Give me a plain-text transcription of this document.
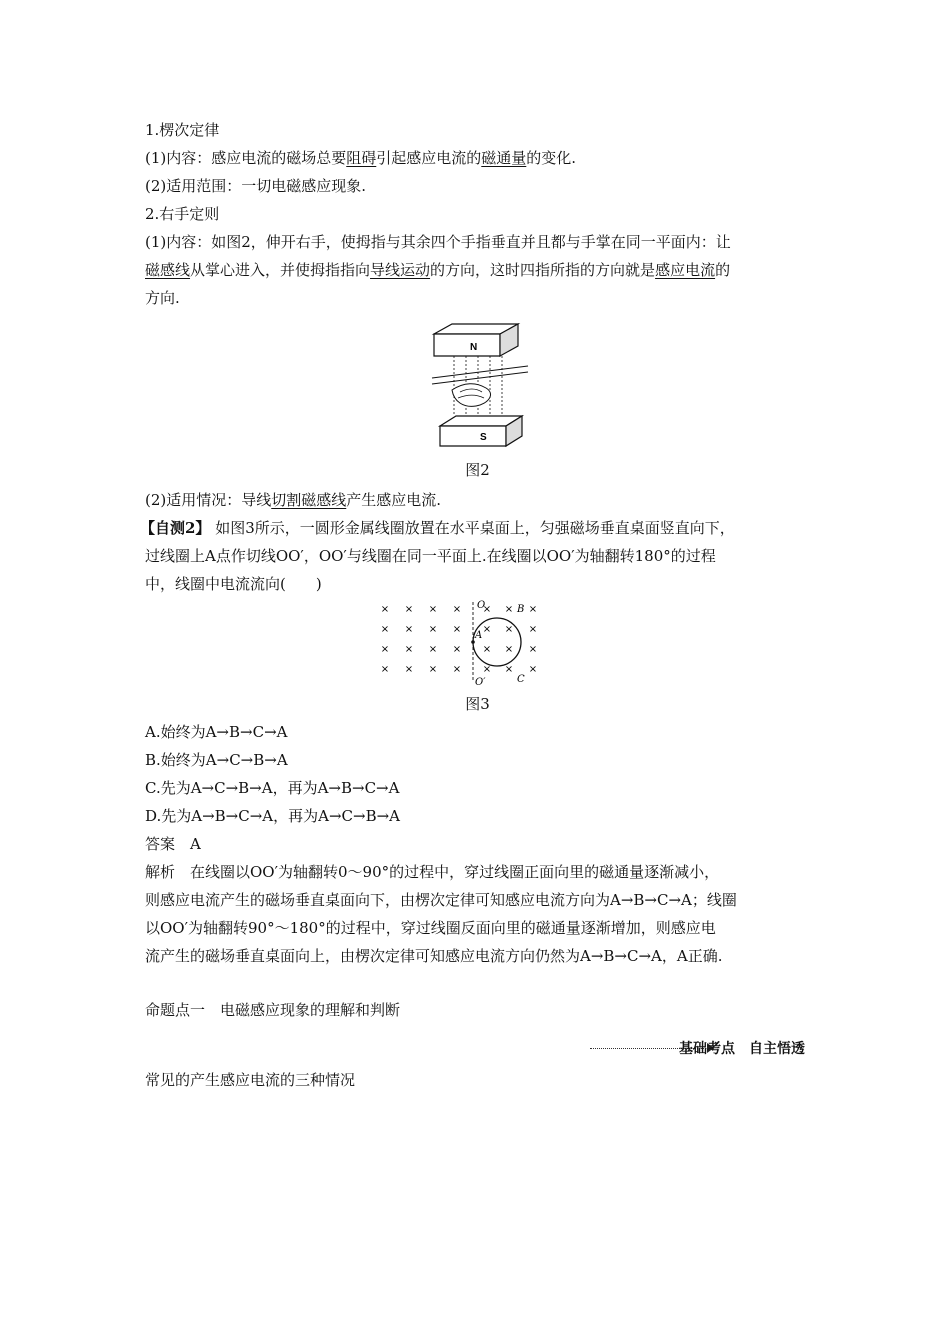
1.楞次定律
(1)内容：感应电流的磁场总要阻碍引起感应电流的磁通量的变化.
(2)适用范围：一切电磁感应现象.
2.右手定则
(1)内容：如图2，伸开右手，使拇指与其余四个手指垂直并且都与手掌在同一平面内：让
磁感线从掌心进入，并使拇指指向导线运动的方向，这时四指所指的方向就是感应电流的
方向.
N
S
图2
(2)适用情况：导线切割磁感线产生感应电流.
【自测2】 如图3所示，一圆形金属线圈放置在水平桌面上，匀强磁场垂直桌面竖直向下，
过线圈上A点作切线OO′，OO′与线圈在同一平面上.在线圈以OO′为轴翻转180°的过程
中，线圈中电流流向(　　)
× × × × × × ×
× × × × × × ×
× × × × × × ×
× × × × × × ×
O
O′
A
B
C
图3
A.始终为A→B→C→A
B.始终为A→C→B→A
C.先为A→C→B→A，再为A→B→C→A
D.先为A→B→C→A，再为A→C→B→A
答案　A
解析　在线圈以OO′为轴翻转0～90°的过程中，穿过线圈正面向里的磁通量逐渐减小，
则感应电流产生的磁场垂直桌面向下，由楞次定律可知感应电流方向为A→B→C→A；线圈
以OO′为轴翻转90°～180°的过程中，穿过线圈反面向里的磁通量逐渐增加，则感应电
流产生的磁场垂直桌面向上，由楞次定律可知感应电流方向仍然为A→B→C→A，A正确.
命题点一　电磁感应现象的理解和判断
基础考点　自主悟透
常见的产生感应电流的三种情况
